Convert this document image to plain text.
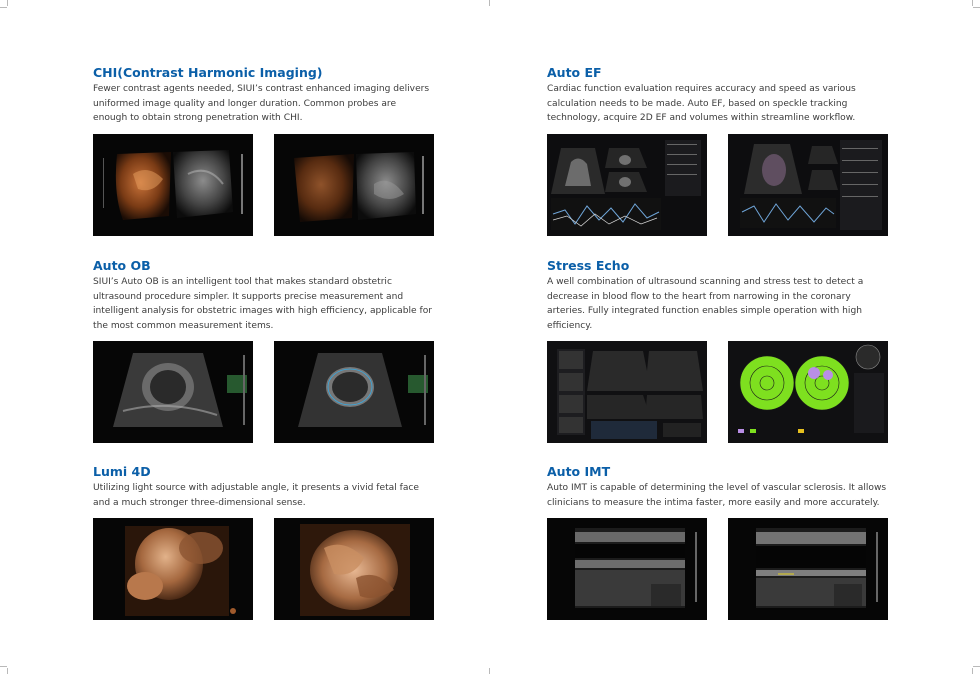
CHI(Contrast Harmonic Imaging)

Fewer contrast agents needed, SIUI’s contrast enhanced imaging delivers
uniformed image quality and longer duration. Common probes are
enough to obtain strong penetration with CHI.

Auto EF

Cardiac function evaluation requires accuracy and speed as various
calculation needs to be made. Auto EF, based on speckle tracking
technology, acquire 2D EF and volumes within streamline workflow.

Auto OB

SIUI’s Auto OB is an intelligent tool that makes standard obstetric
ultrasound procedure simpler. It supports precise measurement and
intelligent analysis for obstetric images with high efficiency, applicable for
the most common measurement items.

Stress Echo

A well combination of ultrasound scanning and stress test to detect a
decrease in blood flow to the heart from narrowing in the coronary
arteries. Fully integrated function enables simple operation with high
efficiency.

Lumi 4D

Utilizing light source with adjustable angle, it presents a vivid fetal face
and a much stronger three-dimensional sense.

Auto IMT

Auto IMT is capable of determining the level of vascular sclerosis. It allows
clinicians to measure the intima faster, more easily and more accurately.
